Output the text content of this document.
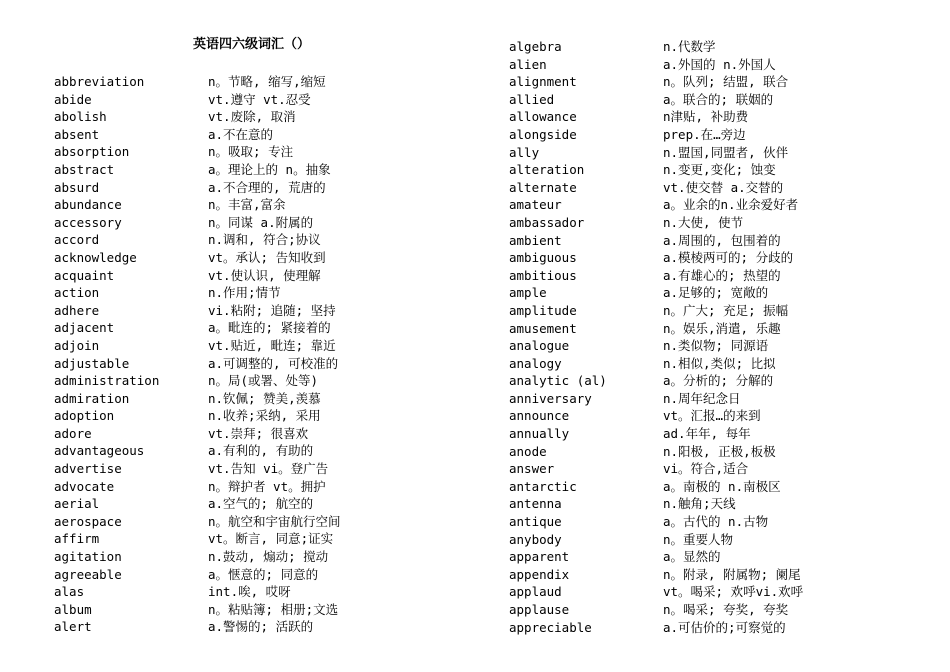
英语四六级词汇（）
abbreviation	n。节略, 缩写,缩短
abide	vt.遵守 vt.忍受
abolish	vt.废除, 取消
absent	a.不在意的
absorption	n。吸取; 专注
abstract	a。理论上的 n。抽象
absurd	a.不合理的, 荒唐的
abundance	n。丰富,富余
accessory	n。同谋 a.附属的
accord	n.调和, 符合;协议
acknowledge	vt。承认; 告知收到
acquaint	vt.使认识, 使理解
action	n.作用;情节
adhere	vi.粘附; 追随; 坚持
adjacent	a。毗连的; 紧接着的
adjoin	vt.贴近, 毗连; 靠近
adjustable	a.可调整的, 可校准的
administration	n。局(或署、处等)
admiration	n.钦佩; 赞美,羡慕
adoption	n.收养;采纳, 采用
adore	vt.崇拜; 很喜欢
advantageous	a.有利的, 有助的
advertise	vt.告知 vi。登广告
advocate	n。辩护者 vt。拥护
aerial	a.空气的; 航空的
aerospace	n。航空和宇宙航行空间
affirm	vt。断言, 同意;证实
agitation	n.鼓动, 煽动; 搅动
agreeable	a。惬意的; 同意的
alas	int.唉, 哎呀
album	n。粘贴簿; 相册;文选
alert	a.警惕的; 活跃的
algebra	n.代数学
alien	a.外国的 n.外国人
alignment	n。队列; 结盟, 联合
allied	a。联合的; 联姻的
allowance	n津贴, 补助费
alongside	prep.在…旁边
ally	n.盟国,同盟者, 伙伴
alteration	n.变更,变化; 蚀变
alternate	vt.使交替 a.交替的
amateur	a。业余的n.业余爱好者
ambassador	n.大使, 使节
ambient	a.周围的, 包围着的
ambiguous	a.模棱两可的; 分歧的
ambitious	a.有雄心的; 热望的
ample	a.足够的; 宽敞的
amplitude	n。广大; 充足; 振幅
amusement	n。娱乐,消遣, 乐趣
analogue	n.类似物; 同源语
analogy	n.相似,类似; 比拟
analytic (al)	a。分析的; 分解的
anniversary	n.周年纪念日
announce	vt。汇报…的来到
annually	ad.年年, 每年
anode	n.阳极, 正极,板极
answer	vi。符合,适合
antarctic	a。南极的 n.南极区
antenna	n.触角;天线
antique	a。古代的 n.古物
anybody	n。重要人物
apparent	a。显然的
appendix	n。附录, 附属物; 阑尾
applaud	vt。喝采; 欢呼vi.欢呼
applause	n。喝采; 夸奖, 夸奖
appreciable	a.可估价的;可察觉的
